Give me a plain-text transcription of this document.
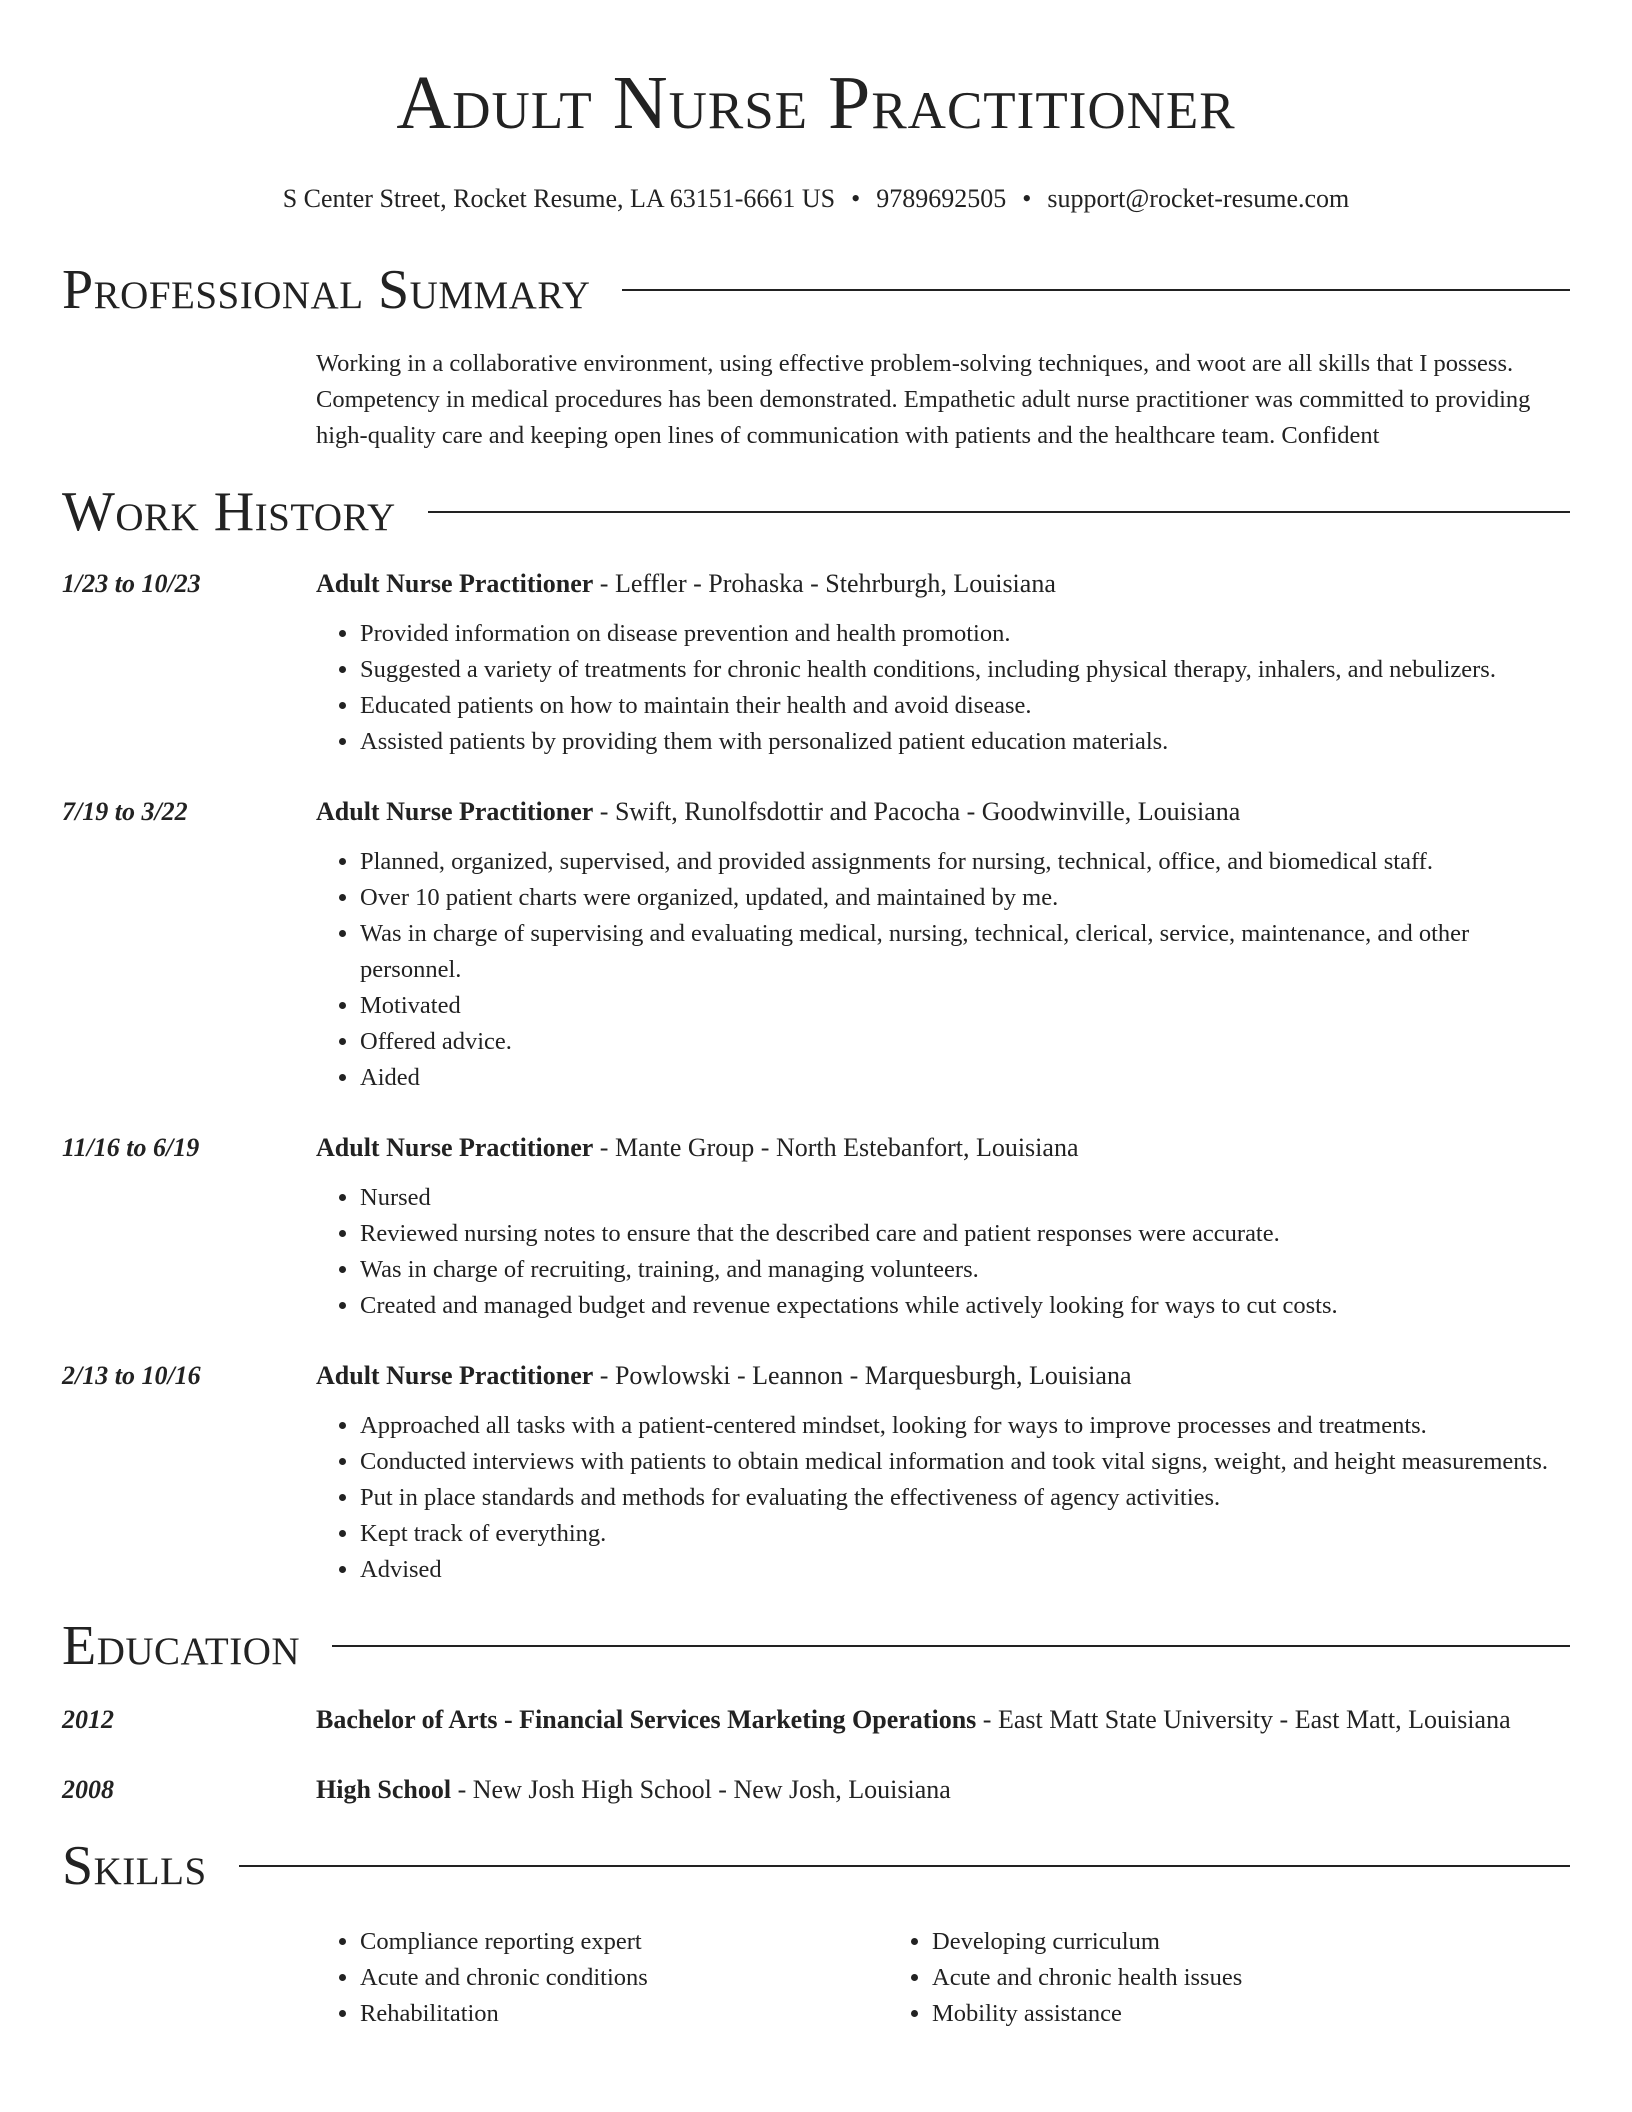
Adult Nurse Practitioner
S Center Street, Rocket Resume, LA 63151-6661 US • 9789692505 • support@rocket-resume.com
Professional Summary
Working in a collaborative environment, using effective problem-solving techniques, and woot are all skills that I possess. Competency in medical procedures has been demonstrated. Empathetic adult nurse practitioner was committed to providing high-quality care and keeping open lines of communication with patients and the healthcare team. Confident
Work History
1/23 to 10/23	Adult Nurse Practitioner - Leffler - Prohaska - Stehrburgh, Louisiana
• Provided information on disease prevention and health promotion.
• Suggested a variety of treatments for chronic health conditions, including physical therapy, inhalers, and nebulizers.
• Educated patients on how to maintain their health and avoid disease.
• Assisted patients by providing them with personalized patient education materials.
7/19 to 3/22	Adult Nurse Practitioner - Swift, Runolfsdottir and Pacocha - Goodwinville, Louisiana
• Planned, organized, supervised, and provided assignments for nursing, technical, office, and biomedical staff.
• Over 10 patient charts were organized, updated, and maintained by me.
• Was in charge of supervising and evaluating medical, nursing, technical, clerical, service, maintenance, and other personnel.
• Motivated
• Offered advice.
• Aided
11/16 to 6/19	Adult Nurse Practitioner - Mante Group - North Estebanfort, Louisiana
• Nursed
• Reviewed nursing notes to ensure that the described care and patient responses were accurate.
• Was in charge of recruiting, training, and managing volunteers.
• Created and managed budget and revenue expectations while actively looking for ways to cut costs.
2/13 to 10/16	Adult Nurse Practitioner - Powlowski - Leannon - Marquesburgh, Louisiana
• Approached all tasks with a patient-centered mindset, looking for ways to improve processes and treatments.
• Conducted interviews with patients to obtain medical information and took vital signs, weight, and height measurements.
• Put in place standards and methods for evaluating the effectiveness of agency activities.
• Kept track of everything.
• Advised
Education
2012	Bachelor of Arts - Financial Services Marketing Operations - East Matt State University - East Matt, Louisiana
2008	High School - New Josh High School - New Josh, Louisiana
Skills
• Compliance reporting expert
• Acute and chronic conditions
• Rehabilitation
• Developing curriculum
• Acute and chronic health issues
• Mobility assistance
